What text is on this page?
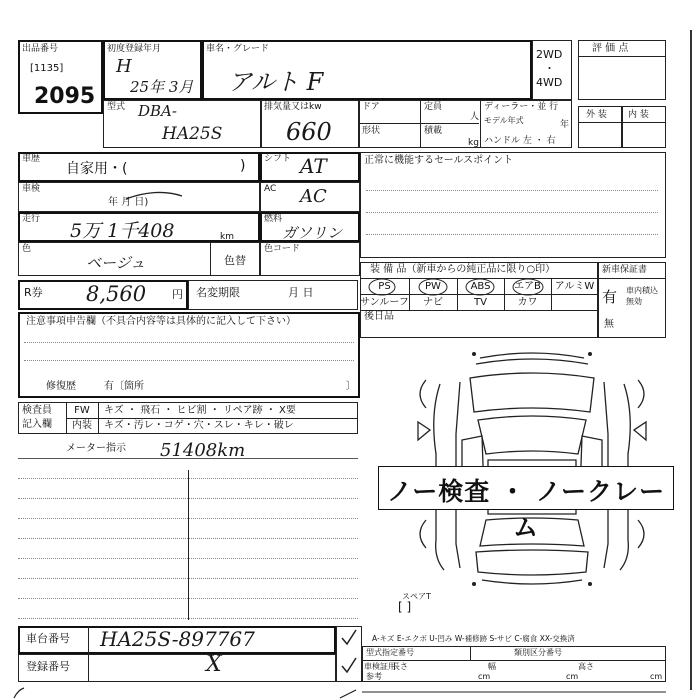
出品番号
[1135]
2095
初度登録年月
H
25年 3月
車名・グレード
アルト F
2WD
・
4WD
評 価 点
型式 DBA-
HA25S
排気量又はkw
660
ドア	定員
人
形状	積載
kg
ディーラー・並 行
モデル年式	年
ハンドル 左 ・ 右
外 装 内 装
車歴
自家用・(	)
車検
年 月 日)
走行
5万 1千408	km
色
ベージュ	色替
R券 8,560 円 名変期限	月 日
注意事項申告欄（不具合内容等は具体的に記入して下さい）
修復歴	有〔箇所	〕
シフト AT
AC AC
燃料
ガソリン
色コード
正常に機能するセールスポイント
装 備 品（新車からの純正品に限り○印）
PS	PW	ABS	エアB	アルミW
サンルーフ	ナビ	TV	カワ
後日品
新車保証書
有 車内積込無効
無
検査員
記入欄
FW	キズ ・ 飛石 ・ ヒビ割 ・ リペア跡 ・ X要
内装	キズ・汚レ・コゲ・穴・スレ・キレ・破レ
メーター指示 51408km
ノー検査 ・ ノークレーム
スペアT
[ ]
車台番号 HA25S-897767
登録番号	X
A-キズ E-エクボ U-凹み W-補修跡 S-サビ C-腐食 XX-交換済
型式指定番号	類別区分番号
車検証用
長さ	幅	高さ
参考	cm	cm	cm
